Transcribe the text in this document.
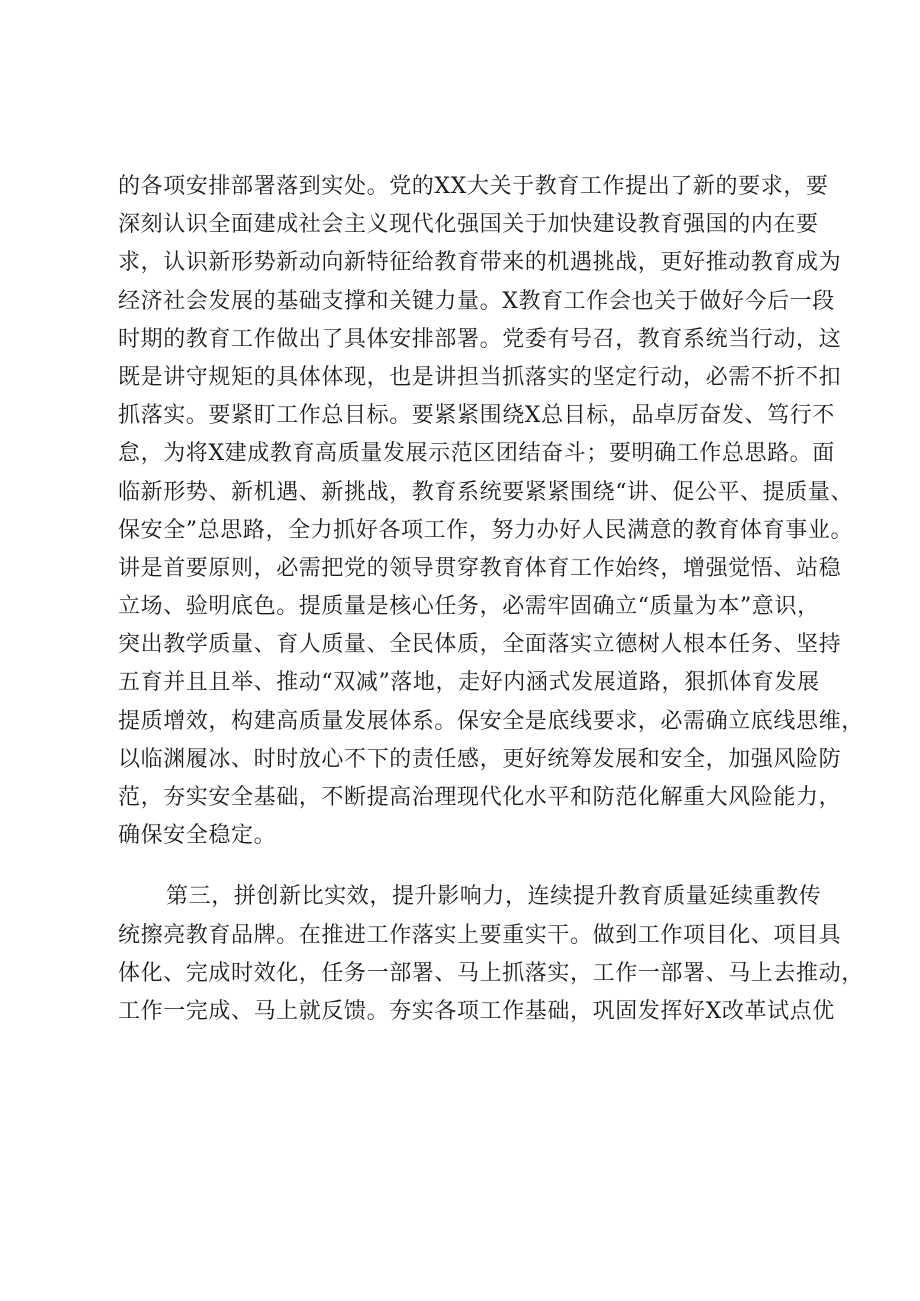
的各项安排部署落到实处。党的XX大关于教育工作提出了新的要求，要
深刻认识全面建成社会主义现代化强国关于加快建设教育强国的内在要
求，认识新形势新动向新特征给教育带来的机遇挑战，更好推动教育成为
经济社会发展的基础支撑和关键力量。X教育工作会也关于做好今后一段
时期的教育工作做出了具体安排部署。党委有号召，教育系统当行动，这
既是讲守规矩的具体体现，也是讲担当抓落实的坚定行动，必需不折不扣
抓落实。要紧盯工作总目标。要紧紧围绕X总目标，品卓厉奋发、笃行不
怠，为将X建成教育高质量发展示范区团结奋斗；要明确工作总思路。面
临新形势、新机遇、新挑战，教育系统要紧紧围绕“讲、促公平、提质量、
保安全”总思路，全力抓好各项工作，努力办好人民满意的教育体育事业。
讲是首要原则，必需把党的领导贯穿教育体育工作始终，增强觉悟、站稳
立场、验明底色。提质量是核心任务，必需牢固确立“质量为本”意识，
突出教学质量、育人质量、全民体质，全面落实立德树人根本任务、坚持
五育并且且举、推动“双减”落地，走好内涵式发展道路，狠抓体育发展
提质增效，构建高质量发展体系。保安全是底线要求，必需确立底线思维，
以临渊履冰、时时放心不下的责任感，更好统筹发展和安全，加强风险防
范，夯实安全基础，不断提高治理现代化水平和防范化解重大风险能力，
确保安全稳定。
第三，拼创新比实效，提升影响力，连续提升教育质量延续重教传
统擦亮教育品牌。在推进工作落实上要重实干。做到工作项目化、项目具
体化、完成时效化，任务一部署、马上抓落实，工作一部署、马上去推动，
工作一完成、马上就反馈。夯实各项工作基础，巩固发挥好X改革试点优
